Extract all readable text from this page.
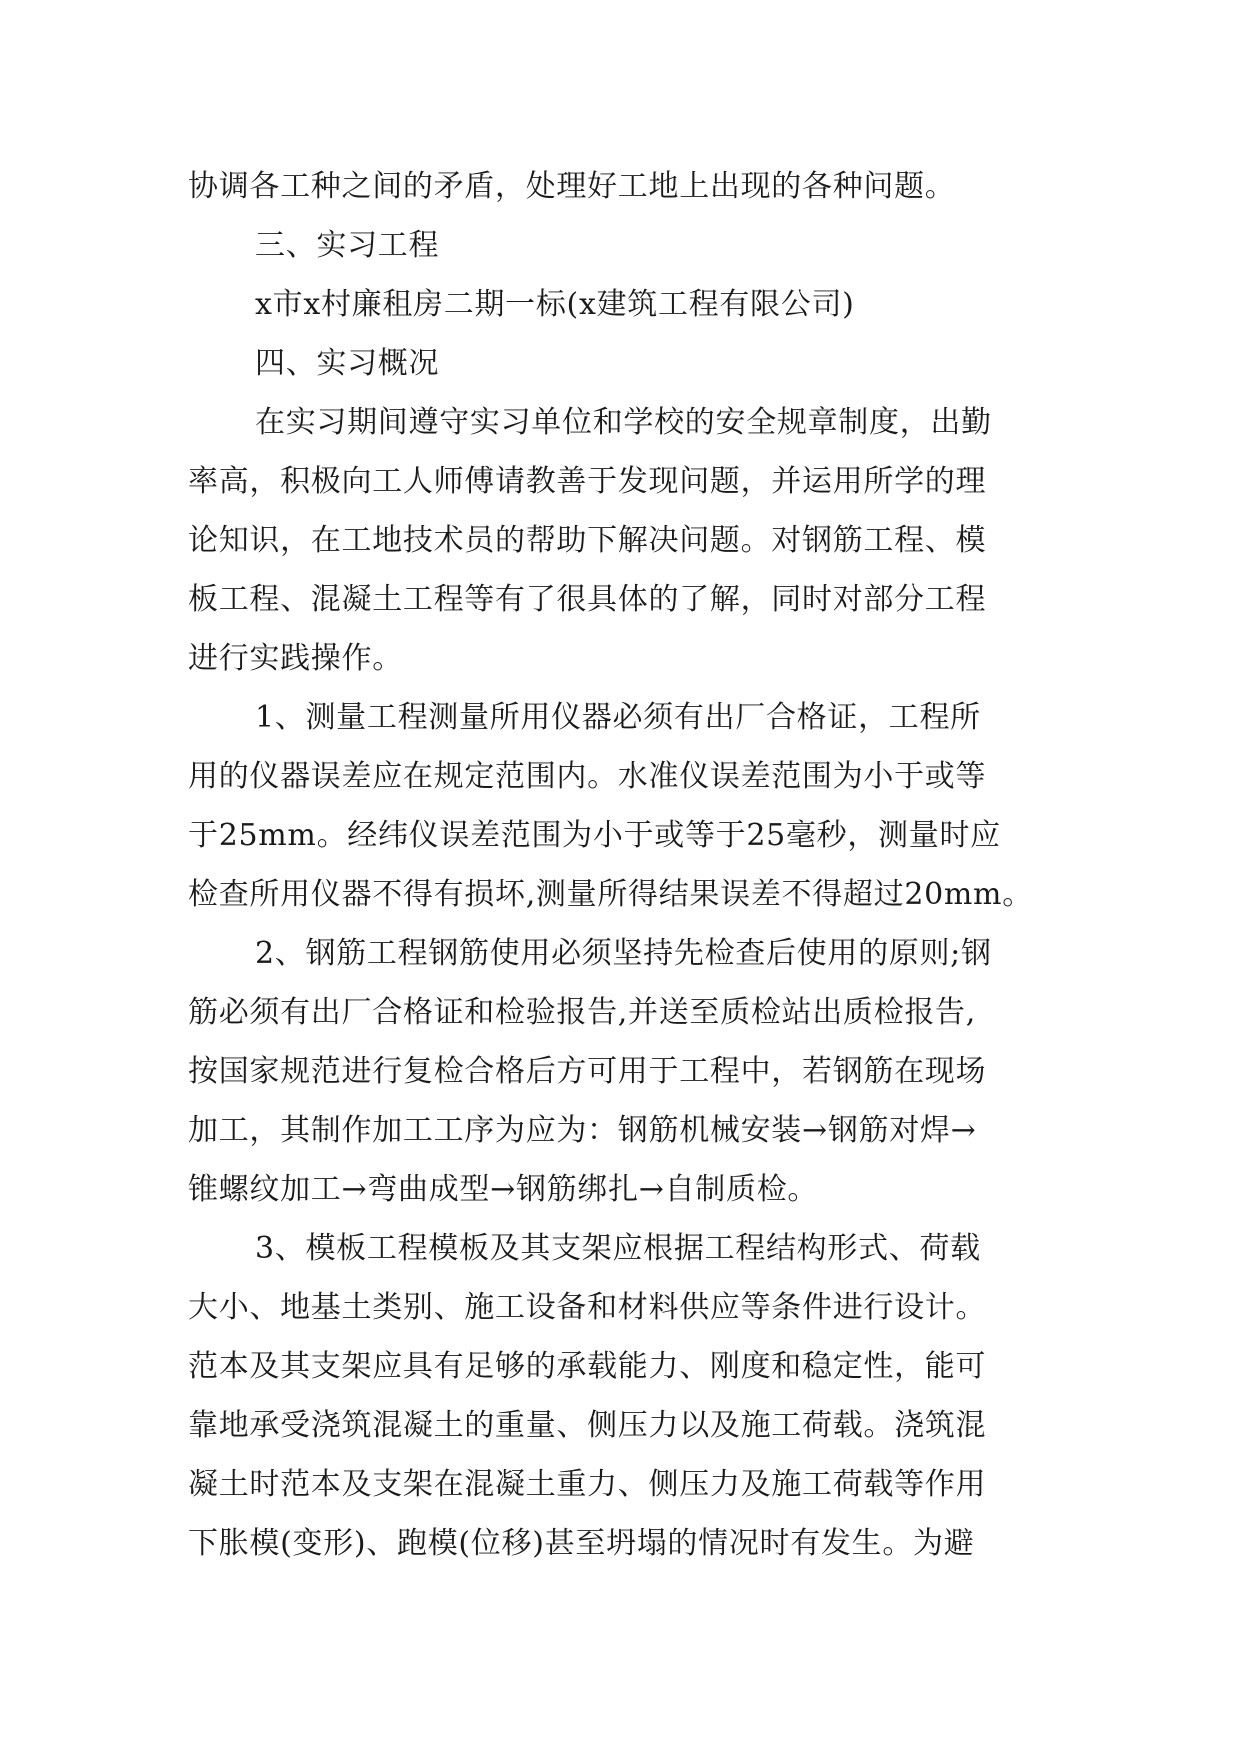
协调各工种之间的矛盾，处理好工地上出现的各种问题。
三、实习工程
x市x村廉租房二期一标(x建筑工程有限公司)
四、实习概况
在实习期间遵守实习单位和学校的安全规章制度，出勤
率高，积极向工人师傅请教善于发现问题，并运用所学的理
论知识，在工地技术员的帮助下解决问题。对钢筋工程、模
板工程、混凝土工程等有了很具体的了解，同时对部分工程
进行实践操作。
1、测量工程测量所用仪器必须有出厂合格证，工程所
用的仪器误差应在规定范围内。水准仪误差范围为小于或等
于25mm。经纬仪误差范围为小于或等于25毫秒，测量时应
检查所用仪器不得有损坏,测量所得结果误差不得超过20mm。
2、钢筋工程钢筋使用必须坚持先检查后使用的原则;钢
筋必须有出厂合格证和检验报告,并送至质检站出质检报告,
按国家规范进行复检合格后方可用于工程中，若钢筋在现场
加工，其制作加工工序为应为：钢筋机械安装→钢筋对焊→
锥螺纹加工→弯曲成型→钢筋绑扎→自制质检。
3、模板工程模板及其支架应根据工程结构形式、荷载
大小、地基土类别、施工设备和材料供应等条件进行设计。
范本及其支架应具有足够的承载能力、刚度和稳定性，能可
靠地承受浇筑混凝土的重量、侧压力以及施工荷载。浇筑混
凝土时范本及支架在混凝土重力、侧压力及施工荷载等作用
下胀模(变形)、跑模(位移)甚至坍塌的情况时有发生。为避
